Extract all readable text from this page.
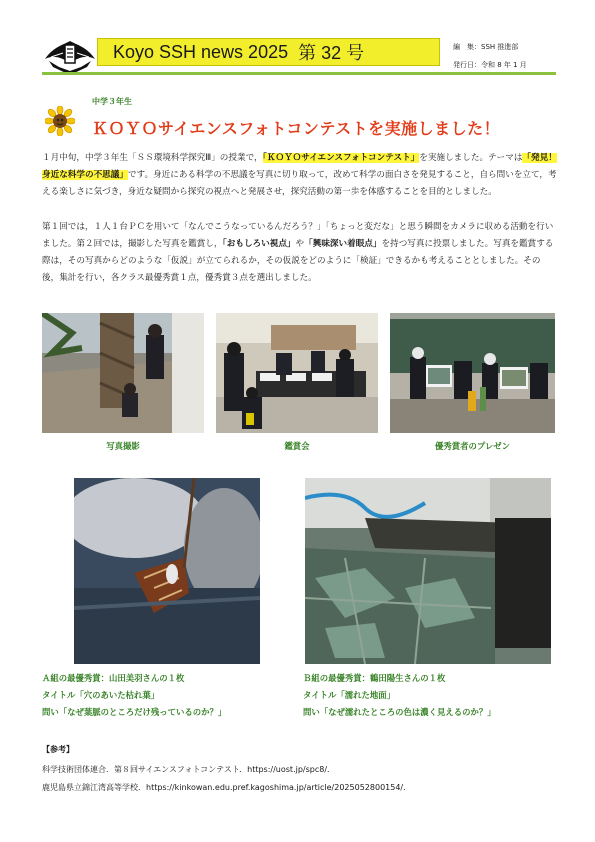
Koyo SSH news 2025 第 32 号	編　集：SSH 推進部
発行日：令和 8 年 1 月
中学３年生
ＫＯＹＯサイエンスフォトコンテストを実施しました！
１月中旬，中学３年生「ＳＳ環境科学探究Ⅲ」の授業で，「ＫＯＹＯサイエンスフォトコンテスト」を実施しました。テーマは「発見！身近な科学の不思議」です。身近にある科学の不思議を写真に切り取って，改めて科学の面白さを発見すること，自ら問いを立て，考える楽しさに気づき，身近な疑問から探究の視点へと発展させ，探究活動の第一歩を体感することを目的としました。
第１回では，１人１台ＰＣを用いて「なんでこうなっているんだろう？」「ちょっと変だな」と思う瞬間をカメラに収める活動を行いました。第２回では，撮影した写真を鑑賞し，「おもしろい視点」や「興味深い着眼点」を持つ写真に投票しました。写真を鑑賞する際は，その写真からどのような「仮説」が立てられるか，その仮説をどのように「検証」できるかも考えることとしました。その後，集計を行い，各クラス最優秀賞１点，優秀賞３点を選出しました。
写真撮影	鑑賞会	優秀賞者のプレゼン
Ａ組の最優秀賞：山田美羽さんの１枚
タイトル「穴のあいた枯れ葉」
問い「なぜ葉脈のところだけ残っているのか？」
Ｂ組の最優秀賞：鶴田陽生さんの１枚
タイトル「濡れた地面」
問い「なぜ濡れたところの色は濃く見えるのか？」
【参考】
科学技術団体連合．第８回サイエンスフォトコンテスト．https://uost.jp/spc8/．
鹿児島県立錦江湾高等学校．https://kinkowan.edu.pref.kagoshima.jp/article/2025052800154/．
